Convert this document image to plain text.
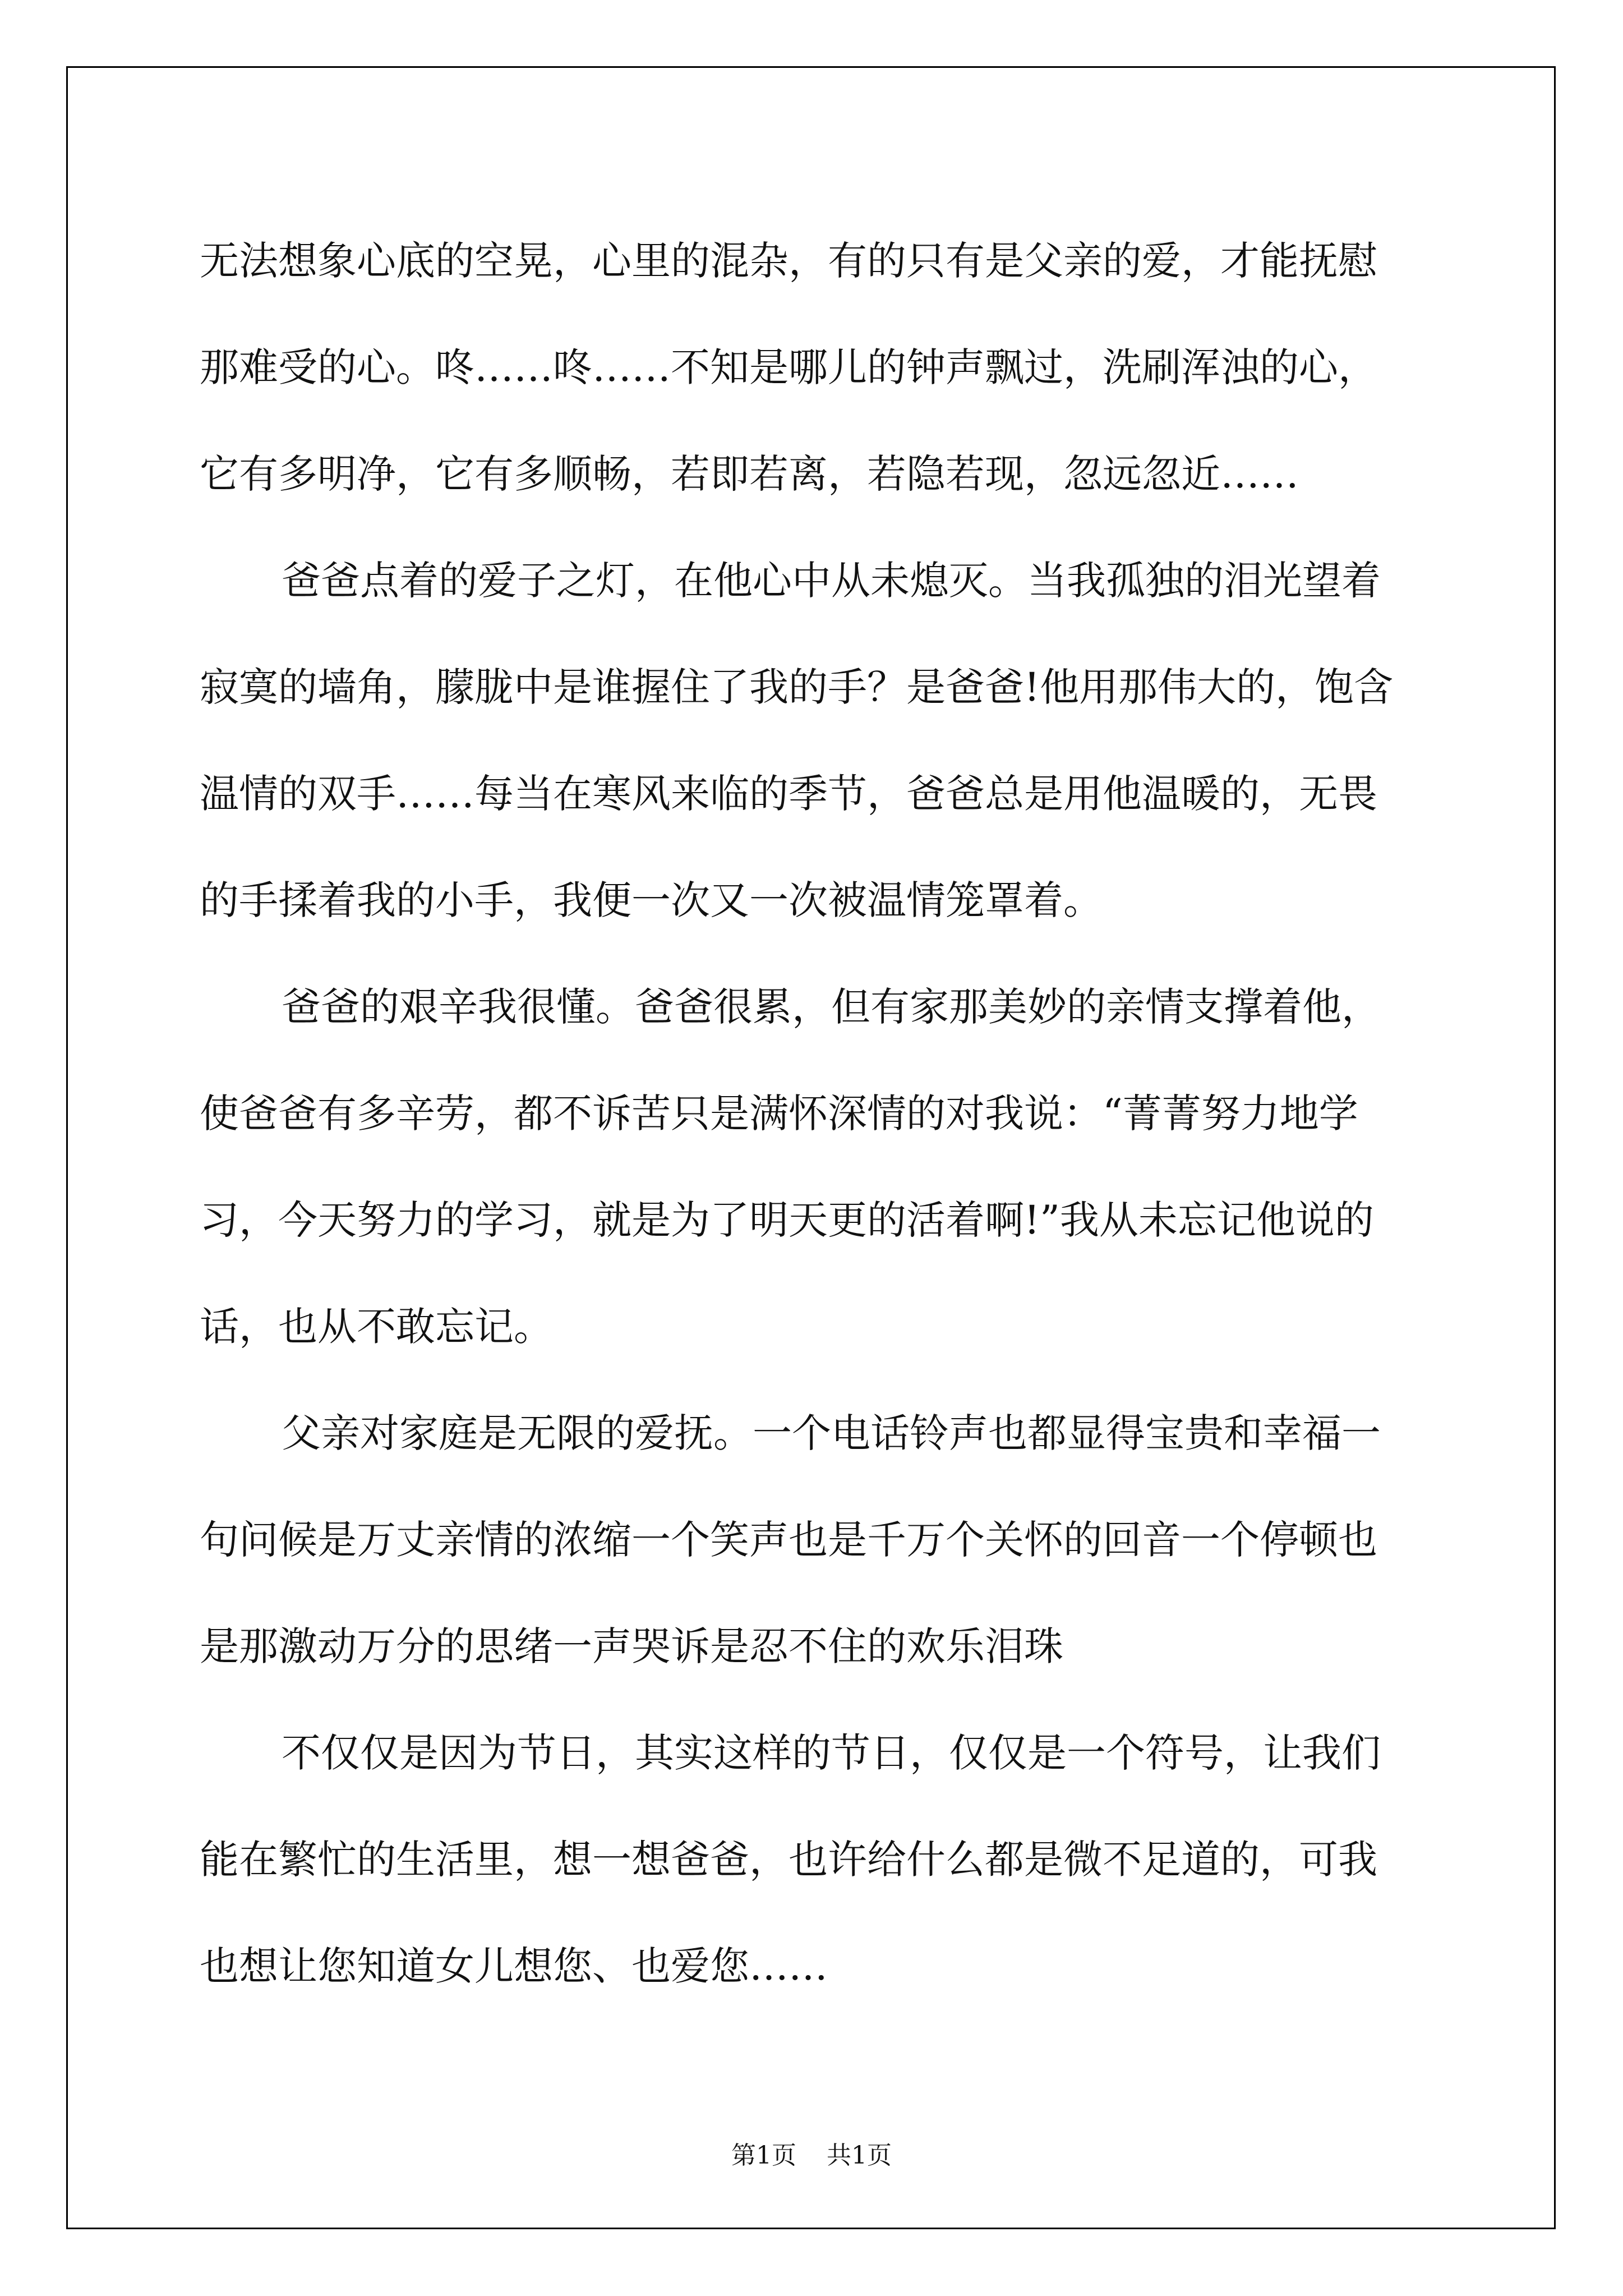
无法想象心底的空晃，心里的混杂，有的只有是父亲的爱，才能抚慰
那难受的心。咚……咚……不知是哪儿的钟声飘过，洗刷浑浊的心，
它有多明净，它有多顺畅，若即若离，若隐若现，忽远忽近……
爸爸点着的爱子之灯，在他心中从未熄灭。当我孤独的泪光望着
寂寞的墙角，朦胧中是谁握住了我的手？是爸爸!他用那伟大的，饱含
温情的双手……每当在寒风来临的季节，爸爸总是用他温暖的，无畏
的手揉着我的小手，我便一次又一次被温情笼罩着。
爸爸的艰辛我很懂。爸爸很累，但有家那美妙的亲情支撑着他，
使爸爸有多辛劳，都不诉苦只是满怀深情的对我说：“菁菁努力地学
习，今天努力的学习，就是为了明天更的活着啊!”我从未忘记他说的
话，也从不敢忘记。
父亲对家庭是无限的爱抚。一个电话铃声也都显得宝贵和幸福一
句问候是万丈亲情的浓缩一个笑声也是千万个关怀的回音一个停顿也
是那激动万分的思绪一声哭诉是忍不住的欢乐泪珠
不仅仅是因为节日，其实这样的节日，仅仅是一个符号，让我们
能在繁忙的生活里，想一想爸爸，也许给什么都是微不足道的，可我
也想让您知道女儿想您、也爱您……
第1页 共1页
